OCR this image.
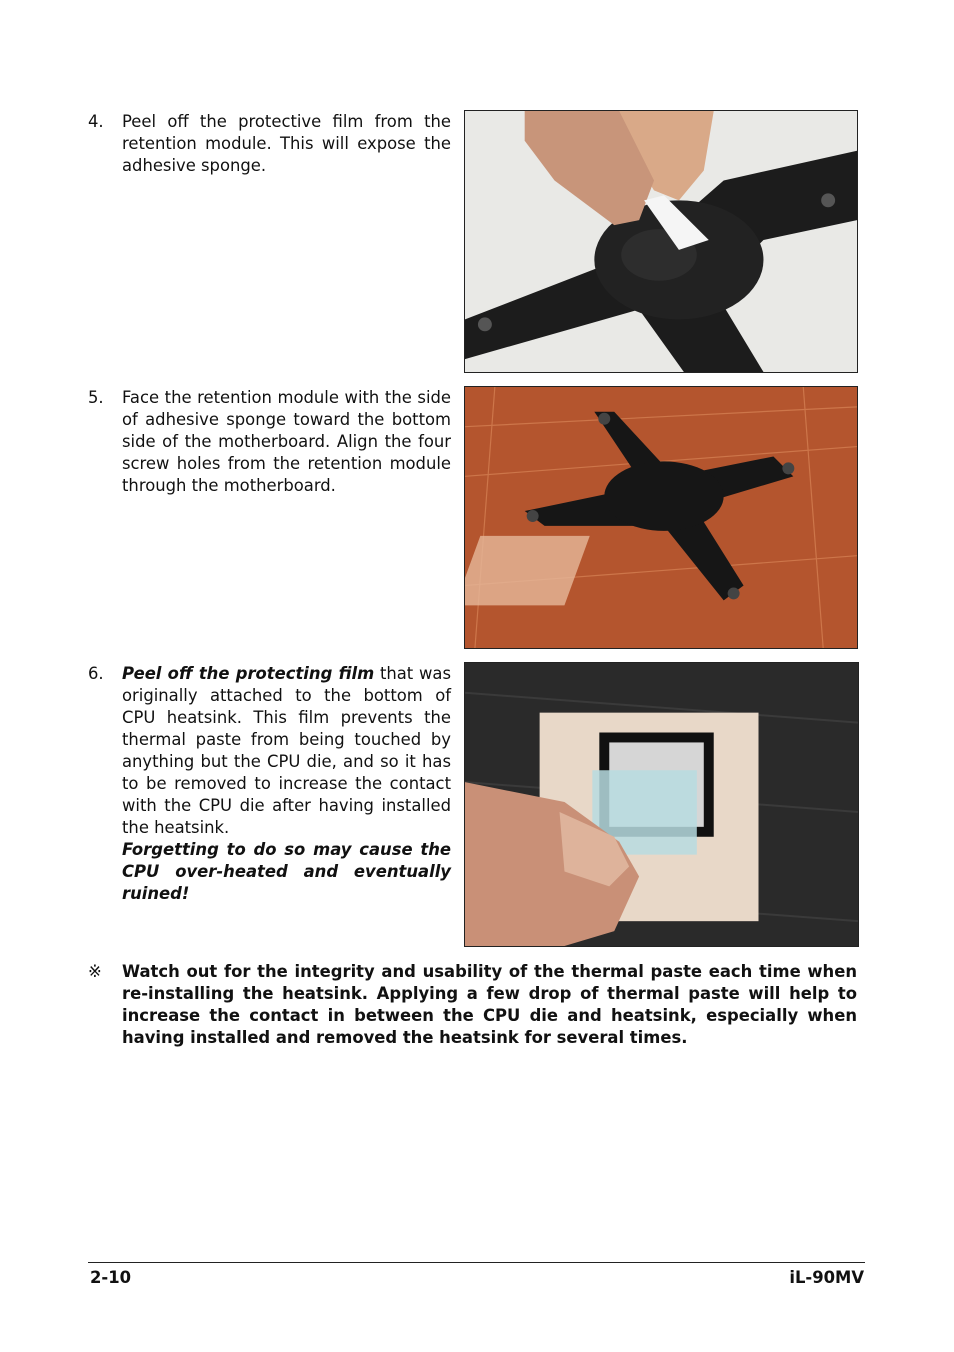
4. Peel off the protective film from the retention module. This will expose the adhesive sponge.

5. Face the retention module with the side of adhesive sponge toward the bottom side of the motherboard. Align the four screw holes from the retention module through the motherboard.

6. Peel off the protecting film that was originally attached to the bottom of CPU heatsink. This film prevents the thermal paste from being touched by anything but the CPU die, and so it has to be removed to increase the contact with the CPU die after having installed the heatsink.

Forgetting to do so may cause the CPU over-heated and eventually ruined!

※ Watch out for the integrity and usability of the thermal paste each time when re-installing the heatsink. Applying a few drop of thermal paste will help to increase the contact in between the CPU die and heatsink, especially when having installed and removed the heatsink for several times.
2-10	iL-90MV
